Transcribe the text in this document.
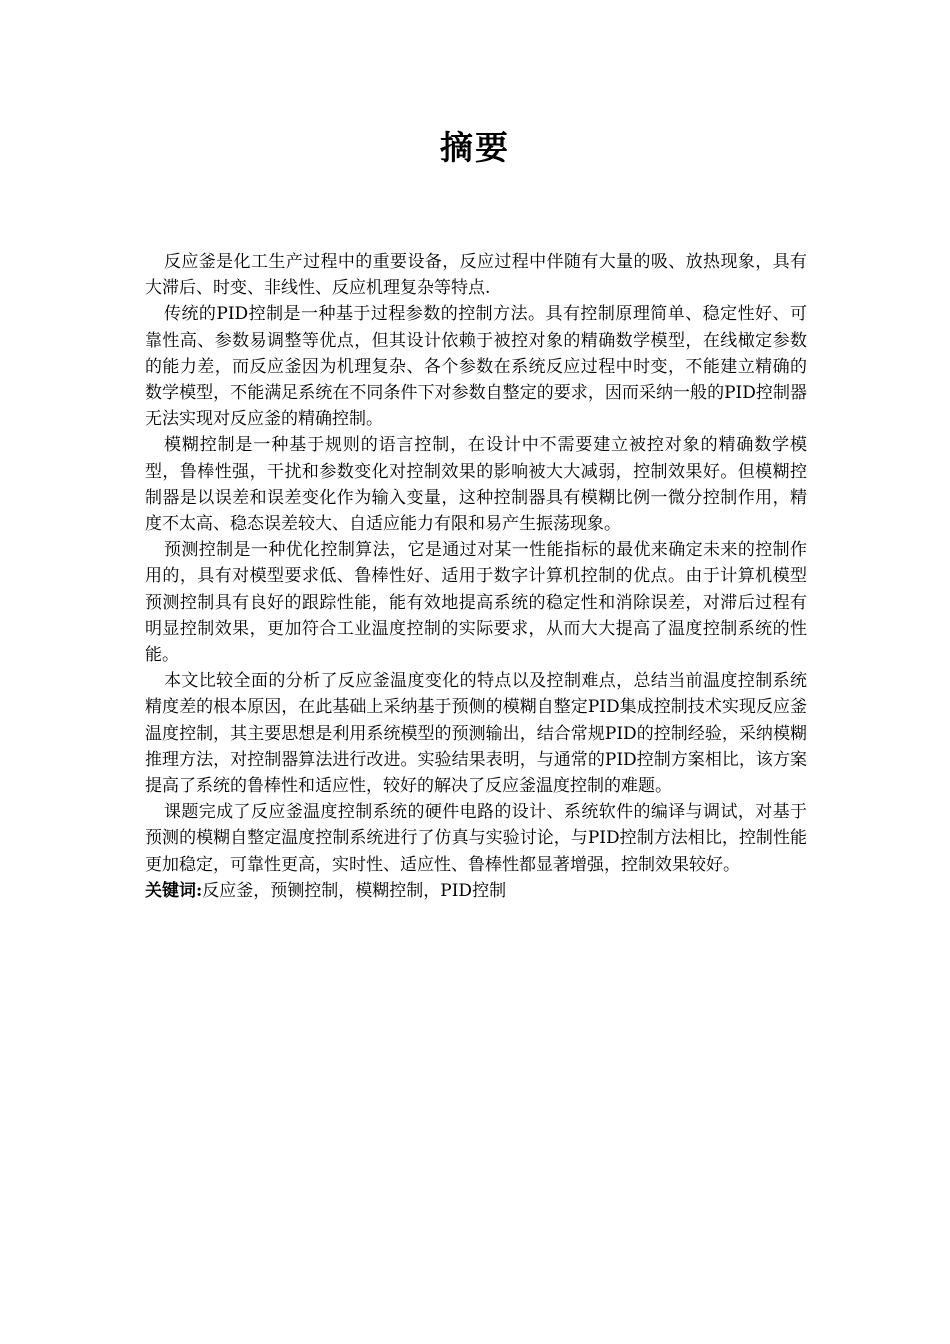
摘要

反应釜是化工生产过程中的重要设备，反应过程中伴随有大量的吸、放热现象，具有大滞后、时变、非线性、反应机理复杂等特点.

传统的PID控制是一种基于过程参数的控制方法。具有控制原理简单、稳定性好、可靠性高、参数易调整等优点，但其设计依赖于被控对象的精确数学模型，在线橄定参数的能力差，而反应釜因为机理复杂、各个参数在系统反应过程中时变，不能建立精确的数学模型，不能满足系统在不同条件下对参数自整定的要求，因而采纳一般的PID控制器无法实现对反应釜的精确控制。

模糊控制是一种基于规则的语言控制，在设计中不需要建立被控对象的精确数学模型，鲁棒性强，干扰和参数变化对控制效果的影响被大大减弱，控制效果好。但模糊控制器是以误差和误差变化作为输入变量，这种控制器具有模糊比例一微分控制作用，精度不太高、稳态误差较大、自适应能力有限和易产生振荡现象。

预测控制是一种优化控制算法，它是通过对某一性能指标的最优来确定未来的控制作用的，具有对模型要求低、鲁棒性好、适用于数字计算机控制的优点。由于计算机模型预测控制具有良好的跟踪性能，能有效地提高系统的稳定性和消除误差，对滞后过程有明显控制效果，更加符合工业温度控制的实际要求，从而大大提高了温度控制系统的性能。

本文比较全面的分析了反应釜温度变化的特点以及控制难点，总结当前温度控制系统精度差的根本原因，在此基础上采纳基于预侧的模糊自整定PID集成控制技术实现反应釜温度控制，其主要思想是利用系统模型的预测输出，结合常规PID的控制经验，采纳模糊推理方法，对控制器算法进行改进。实验结果表明，与通常的PID控制方案相比，该方案提高了系统的鲁棒性和适应性，较好的解决了反应釜温度控制的难题。

课题完成了反应釜温度控制系统的硬件电路的设计、系统软件的编译与调试，对基于预测的模糊自整定温度控制系统进行了仿真与实验讨论，与PID控制方法相比，控制性能更加稳定，可靠性更高，实时性、适应性、鲁棒性都显著增强，控制效果较好。

关键词:反应釜，预铡控制，模糊控制，PID控制
